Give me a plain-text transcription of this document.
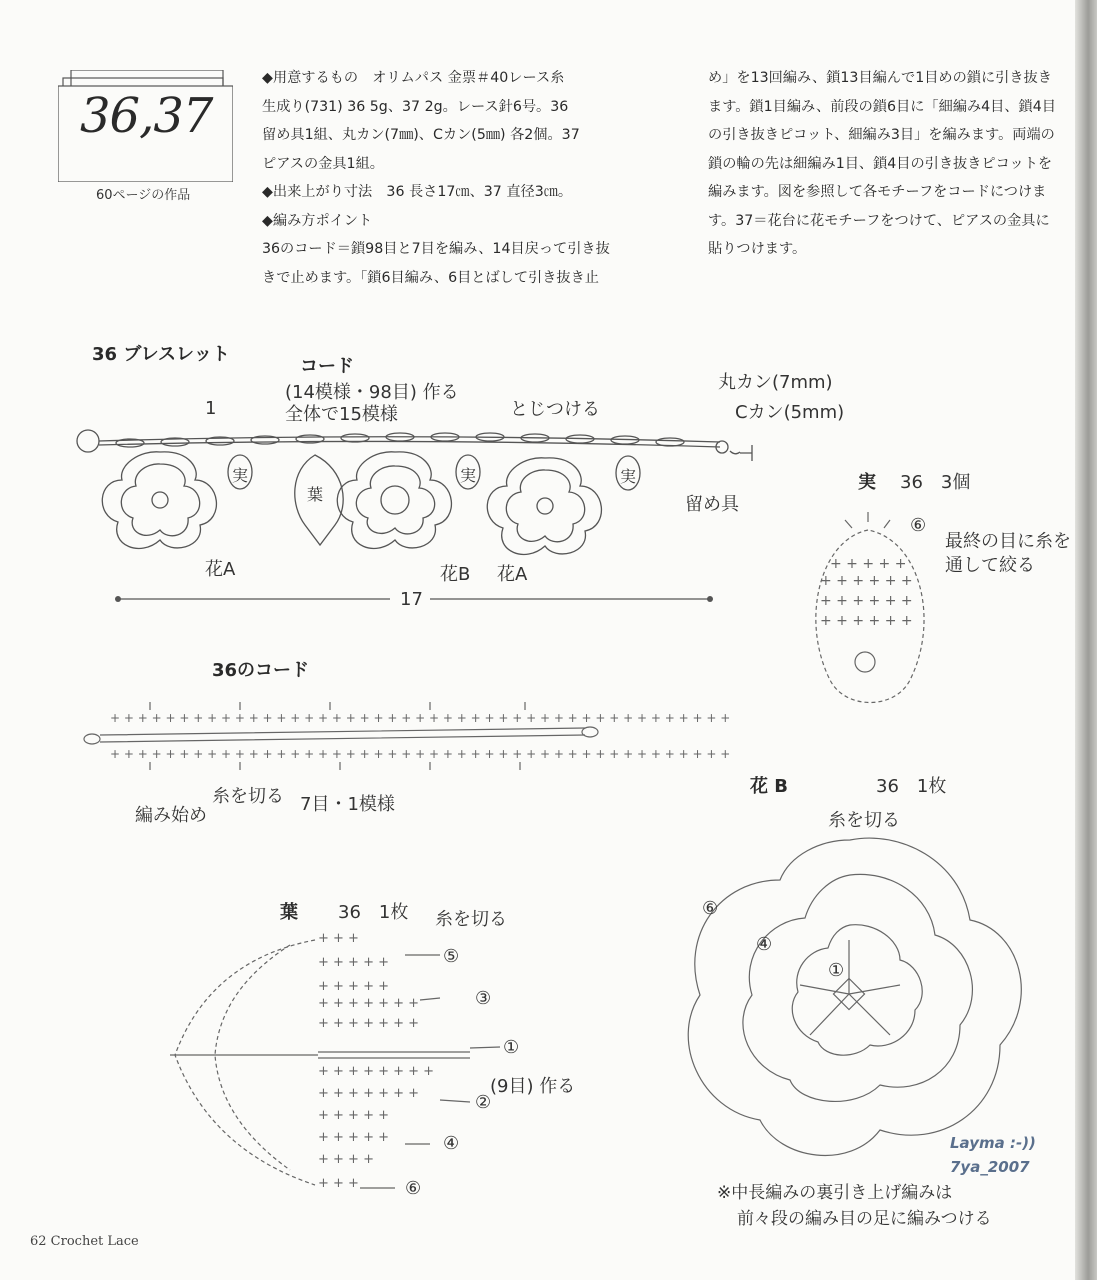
36,37
60ページの作品
◆用意するもの　オリムパス 金票＃40レース糸
生成り(731) 36 5g、37 2g。レース針6号。36
留め具1組、丸カン(7㎜)、Cカン(5㎜) 各2個。37
ピアスの金具1組。
◆出来上がり寸法　36 長さ17㎝、37 直径3㎝。
◆編み方ポイント
36のコード＝鎖98目と7目を編み、14目戻って引き抜
きで止めます。「鎖6目編み、6目とばして引き抜き止
め」を13回編み、鎖13目編んで1目めの鎖に引き抜き
ます。鎖1目編み、前段の鎖6目に「細編み4目、鎖4目
の引き抜きピコット、細編み3目」を編みます。両端の
鎖の輪の先は細編み1目、鎖4目の引き抜きピコットを
編みます。図を参照して各モチーフをコードにつけま
す。37＝花台に花モチーフをつけて、ピアスの金具に
貼りつけます。
+ + + + + +
+ + + + + +
+ + + + + +
+ + + + +
+ + + + + + + + + + + + + + + + + + + + + + + + + + + + + + + + + + + + + + + + + + + + +
+ + + + + + + + + + + + + + + + + + + + + + + + + + + + + + + + + + + + + + + + + + + + +
+ + +
+ + + + +
+ + + + +
+ + + + + + +
+ + + + + + +
+ + + + + + + +
+ + + + + + +
+ + + + +
+ + + + +
+ + + +
+ + +
36 ブレスレット
コード
(14模様・98目) 作る
全体で15模様
1	とじつける
丸カン(7mm)
Cカン(5mm)
留め具
実	実	実
葉
花A	花B 花A
17
実 36　3個
⑥
最終の目に糸を
通して絞る
36のコード
編み始め
糸を切る 7目・1模様
葉 36　1枚 糸を切る
⑤
③
①
②
④
⑥
(9目) 作る
花 B	36　1枚
糸を切る
⑥
④
①
※中長編みの裏引き上げ編みは
前々段の編み目の足に編みつける
Layma :-))
7ya_2007
62 Crochet Lace
